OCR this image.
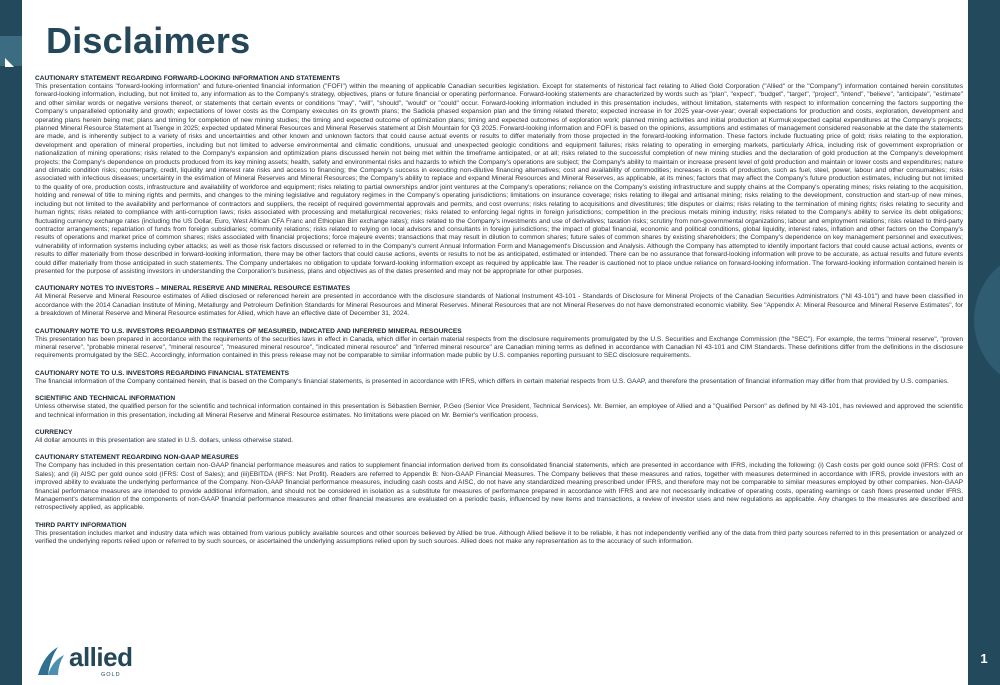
Disclaimers
CAUTIONARY STATEMENT REGARDING FORWARD-LOOKING INFORMATION AND STATEMENTS

This presentation contains "forward-looking information" and future-oriented financial information ("FOFI") within the meaning of applicable Canadian securities legislation. Except for statements of historical fact relating to Allied Gold Corporation ("Allied" or the "Company") information contained herein constitutes forward-looking information, including, but not limited to, any information as to the Company's strategy, objectives, plans or future financial or operating performance. Forward-looking statements are characterized by words such as "plan", "expect", "budget", "target", "project", "intend", "believe", "anticipate", "estimate" and other similar words or negative versions thereof, or statements that certain events or conditions "may", "will", "should", "would" or "could" occur. Forward-looking information included in this presentation includes, without limitation, statements with respect to information concerning the factors supporting the Company's unparalleled optionality and growth; expectations of lower costs as the Company executes on its growth plans; the Sadiola phased expansion plan and the timing related thereto; expected increase in for 2025 year-over-year; overall expectations for production and costs, exploration, development and operating plans herein being met; plans and timing for completion of new mining studies; the timing and expected outcome of optimization plans; timing and expected outcomes of exploration work; planned mining activities and initial production at Kurmuk;expected capital expenditures at the Company's projects; planned Mineral Resource Statement at Tsenge in 2025; expected updated Mineral Resources and Mineral Reserves statement at Dish Mountain for Q3 2025. Forward-looking information and FOFI is based on the opinions, assumptions and estimates of management considered reasonable at the date the statements are made, and is inherently subject to a variety of risks and uncertainties and other known and unknown factors that could cause actual events or results to differ materially from those projected in the forward-looking information. These factors include fluctuating price of gold; risks relating to the exploration, development and operation of mineral properties, including but not limited to adverse environmental and climatic conditions, unusual and unexpected geologic conditions and equipment failures; risks relating to operating in emerging markets, particularly Africa, including risk of government expropriation or nationalization of mining operations; risks related to the Company's expansion and optimization plans discussed herein not being met within the timeframe anticipated, or at all; risks related to the successful completion of new mining studies and the declaration of gold production at the Company's development projects; the Company's dependence on products produced from its key mining assets; health, safety and environmental risks and hazards to which the Company's operations are subject; the Company's ability to maintain or increase present level of gold production and maintain or lower costs and expenditures; nature and climatic condition risks; counterparty, credit, liquidity and interest rate risks and access to financing; the Company's success in executing non-dilutive financing alternatives; cost and availability of commodities; increases in costs of production, such as fuel, steel, power, labour and other consumables; risks associated with infectious diseases; uncertainty in the estimation of Mineral Reserves and Mineral Resources; the Company's ability to replace and expand Mineral Resources and Mineral Reserves, as applicable, at its mines; factors that may affect the Company's future production estimates, including but not limited to the quality of ore, production costs, infrastructure and availability of workforce and equipment; risks relating to partial ownerships and/or joint ventures at the Company's operations; reliance on the Company's existing infrastructure and supply chains at the Company's operating mines; risks relating to the acquisition, holding and renewal of title to mining rights and permits, and changes to the mining legislative and regulatory regimes in the Company's operating jurisdictions; limitations on insurance coverage; risks relating to illegal and artisanal mining; risks relating to the development, construction and start-up of new mines, including but not limited to the availability and performance of contractors and suppliers, the receipt of required governmental approvals and permits, and cost overruns; risks relating to acquisitions and divestitures; title disputes or claims; risks relating to the termination of mining rights; risks relating to security and human rights; risks related to compliance with anti-corruption laws; risks associated with processing and metallurgical recoveries; risks related to enforcing legal rights in foreign jurisdictions; competition in the precious metals mining industry; risks related to the Company's ability to service its debt obligations; fluctuating currency exchange rates (including the US Dollar, Euro, West African CFA Franc and Ethiopian Birr exchange rates); risks related to the Company's investments and use of derivatives; taxation risks; scrutiny from non-governmental organizations; labour and employment relations; risks related to third-party contractor arrangements; repatriation of funds from foreign subsidiaries; community relations; risks related to relying on local advisors and consultants in foreign jurisdictions; the impact of global financial, economic and political conditions, global liquidity, interest rates, inflation and other factors on the Company's results of operations and market price of common shares; risks associated with financial projections; force majeure events; transactions that may result in dilution to common shares; future sales of common shares by existing shareholders; the Company's dependence on key management personnel and executives; vulnerability of information systems including cyber attacks; as well as those risk factors discussed or referred to in the Company's current Annual Information Form and Management's Discussion and Analysis. Although the Company has attempted to identify important factors that could cause actual actions, events or results to differ materially from those described in forward-looking information, there may be other factors that could cause actions, events or results to not be as anticipated, estimated or intended. There can be no assurance that forward-looking information will prove to be accurate, as actual results and future events could differ materially from those anticipated in such statements. The Company undertakes no obligation to update forward-looking information except as required by applicable law. The reader is cautioned not to place undue reliance on forward-looking information. The forward-looking information contained herein is presented for the purpose of assisting investors in understanding the Corporation's business, plans and objectives as of the dates presented and may not be appropriate for other purposes.

CAUTIONARY NOTES TO INVESTORS – MINERAL RESERVE AND MINERAL RESOURCE ESTIMATES

All Mineral Reserve and Mineral Resource estimates of Allied disclosed or referenced herein are presented in accordance with the disclosure standards of National Instrument 43-101 - Standards of Disclosure for Mineral Projects of the Canadian Securities Administrators ("NI 43-101") and have been classified in accordance with the 2014 Canadian Institute of Mining, Metallurgy and Petroleum Definition Standards for Mineral Resources and Mineral Reserves. Mineral Resources that are not Mineral Reserves do not have demonstrated economic viability. See "Appendix A: Mineral Resource and Mineral Reserve Estimates", for a breakdown of Mineral Reserve and Mineral Resource estimates for Allied, which have an effective date of December 31, 2024.

CAUTIONARY NOTE TO U.S. INVESTORS REGARDING ESTIMATES OF MEASURED, INDICATED AND INFERRED MINERAL RESOURCES

This presentation has been prepared in accordance with the requirements of the securities laws in effect in Canada, which differ in certain material respects from the disclosure requirements promulgated by the U.S. Securities and Exchange Commission (the "SEC"). For example, the terms "mineral reserve", "proven mineral reserve", "probable mineral reserve", "mineral resource", "measured mineral resource", "indicated mineral resource" and "inferred mineral resource" are Canadian mining terms as defined in accordance with Canadian NI 43-101 and CIM Standards. These definitions differ from the definitions in the disclosure requirements promulgated by the SEC. Accordingly, information contained in this press release may not be comparable to similar information made public by U.S. companies reporting pursuant to SEC disclosure requirements.

CAUTIONARY NOTE TO U.S. INVESTORS REGARDING FINANCIAL STATEMENTS

The financial information of the Company contained herein, that is based on the Company's financial statements, is presented in accordance with IFRS, which differs in certain material respects from U.S. GAAP, and therefore the presentation of financial information may differ from that provided by U.S. companies.

SCIENTIFIC AND TECHNICAL INFORMATION

Unless otherwise stated, the qualified person for the scientific and technical information contained in this presentation is Sébastien Bernier, P.Geo (Senior Vice President, Technical Services). Mr. Bernier, an employee of Allied and a "Qualified Person" as defined by NI 43-101, has reviewed and approved the scientific and technical information in this presentation, including all Mineral Reserve and Mineral Resource estimates. No limitations were placed on Mr. Bernier's verification process.

CURRENCY

All dollar amounts in this presentation are stated in U.S. dollars, unless otherwise stated.

CAUTIONARY STATEMENT REGARDING NON-GAAP MEASURES

The Company has included in this presentation certain non-GAAP financial performance measures and ratios to supplement financial information derived from its consolidated financial statements, which are presented in accordance with IFRS, including the following: (i) Cash costs per gold ounce sold (IFRS: Cost of Sales); and (ii) AISC per gold ounce sold (IFRS: Cost of Sales); and (iii)EBITDA (IRFS: Net Profit). Readers are referred to Appendix B: Non-GAAP Financial Measures. The Company believes that these measures and ratios, together with measures determined in accordance with IFRS, provide investors with an improved ability to evaluate the underlying performance of the Company. Non-GAAP financial performance measures, including cash costs and AISC, do not have any standardized meaning prescribed under IFRS, and therefore may not be comparable to similar measures employed by other companies. Non-GAAP financial performance measures are intended to provide additional information, and should not be considered in isolation as a substitute for measures of performance prepared in accordance with IFRS and are not necessarily indicative of operating costs, operating earnings or cash flows presented under IFRS. Management's determination of the components of non-GAAP financial performance measures and other financial measures are evaluated on a periodic basis, influenced by new items and transactions, a review of investor uses and new regulations as applicable. Any changes to the measures are described and retrospectively applied, as applicable.

THIRD PARTY INFORMATION

This presentation includes market and industry data which was obtained from various publicly available sources and other sources believed by Allied be true. Although Allied believe it to be reliable, it has not independently verified any of the data from third party sources referred to in this presentation or analyzed or verified the underlying reports relied upon or referred to by such sources, or ascertained the underlying assumptions relied upon by such sources. Allied does not make any representation as to the accuracy of such information.

allied
GOLD
1
